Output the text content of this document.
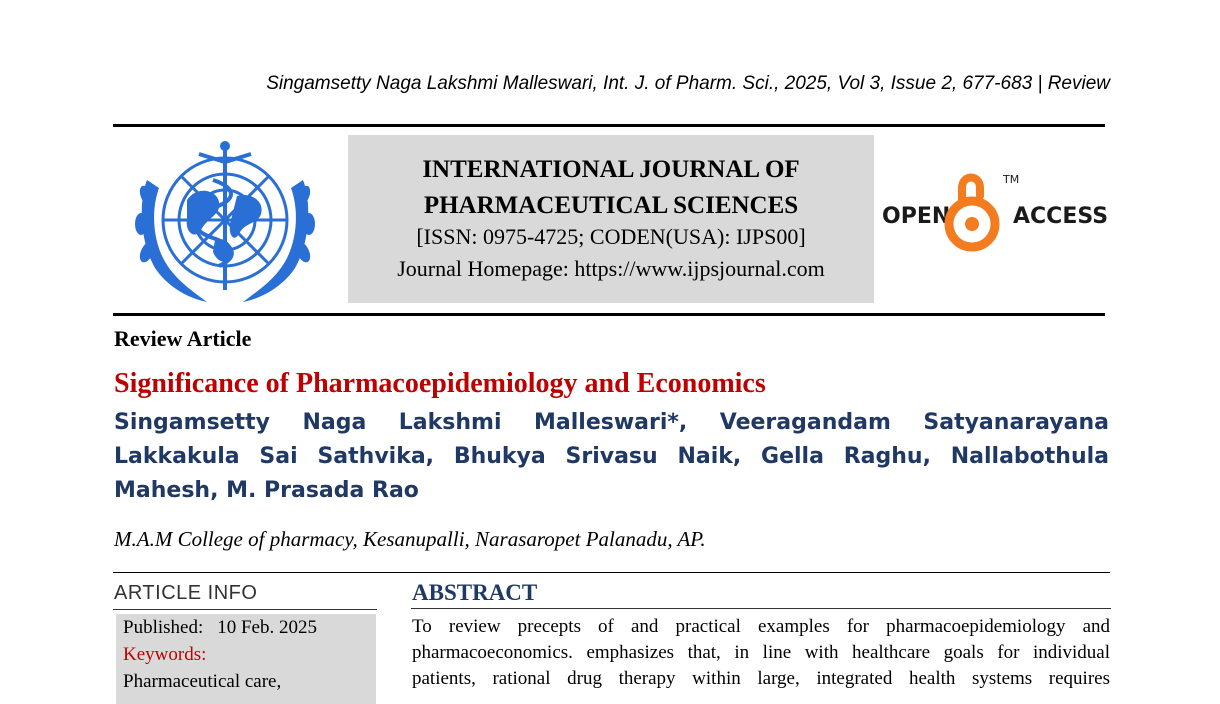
Singamsetty Naga Lakshmi Malleswari, Int. J. of Pharm. Sci., 2025, Vol 3, Issue 2, 677-683 | Review
INTERNATIONAL JOURNAL OF
PHARMACEUTICAL SCIENCES
[ISSN: 0975-4725; CODEN(USA): IJPS00]
Journal Homepage: https://www.ijpsjournal.com
OPEN
TM
ACCESS
Review Article
Significance of Pharmacoepidemiology and Economics
Singamsetty Naga Lakshmi Malleswari*, Veeragandam Satyanarayana Lakkakula Sai Sathvika, Bhukya Srivasu Naik, Gella Raghu, Nallabothula Mahesh, M. Prasada Rao
M.A.M College of pharmacy, Kesanupalli, Narasaropet Palanadu, AP.
ARTICLE INFO
Published: 10 Feb. 2025
Keywords:
Pharmaceutical care,
ABSTRACT
To review precepts of and practical examples for pharmacoepidemiology and
pharmacoeconomics. emphasizes that, in line with healthcare goals for individual
patients, rational drug therapy within large, integrated health systems requires
